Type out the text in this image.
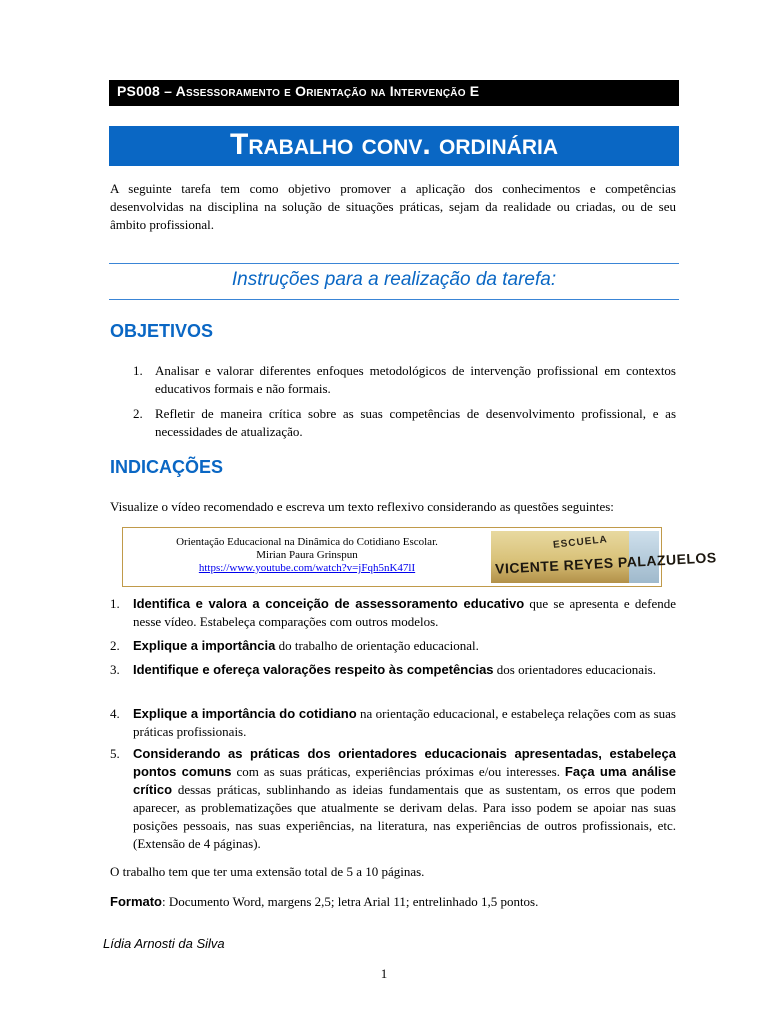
PS008 – Assessoramento e Orientação na Intervenção E
Trabalho conv. ordinária
A seguinte tarefa tem como objetivo promover a aplicação dos conhecimentos e competências desenvolvidas na disciplina na solução de situações práticas, sejam da realidade ou criadas, ou de seu âmbito profissional.
Instruções para a realização da tarefa:
OBJETIVOS
1. Analisar e valorar diferentes enfoques metodológicos de intervenção profissional em contextos educativos formais e não formais.
2. Refletir de maneira crítica sobre as suas competências de desenvolvimento profissional, e as necessidades de atualização.
INDICAÇÕES
Visualize o vídeo recomendado e escreva um texto reflexivo considerando as questões seguintes:
Orientação Educacional na Dinâmica do Cotidiano Escolar.
Mirian Paura Grinspun
https://www.youtube.com/watch?v=jFqh5nK47lI
ESCUELA
VICENTE REYES PALAZUELOS
1. Identifica e valora a conceição de assessoramento educativo que se apresenta e defende nesse vídeo. Estabeleça comparações com outros modelos.
2. Explique a importância do trabalho de orientação educacional.
3. Identifique e ofereça valorações respeito às competências dos orientadores educacionais.
4. Explique a importância do cotidiano na orientação educacional, e estabeleça relações com as suas práticas profissionais.
5. Considerando as práticas dos orientadores educacionais apresentadas, estabeleça pontos comuns com as suas práticas, experiências próximas e/ou interesses. Faça uma análise crítico dessas práticas, sublinhando as ideias fundamentais que as sustentam, os erros que podem aparecer, as problematizações que atualmente se derivam delas. Para isso podem se apoiar nas suas posições pessoais, nas suas experiências, na literatura, nas experiências de outros profissionais, etc. (Extensão de 4 páginas).
O trabalho tem que ter uma extensão total de 5 a 10 páginas.
Formato: Documento Word, margens 2,5; letra Arial 11; entrelinhado 1,5 pontos.
Lídia Arnosti da Silva
1
